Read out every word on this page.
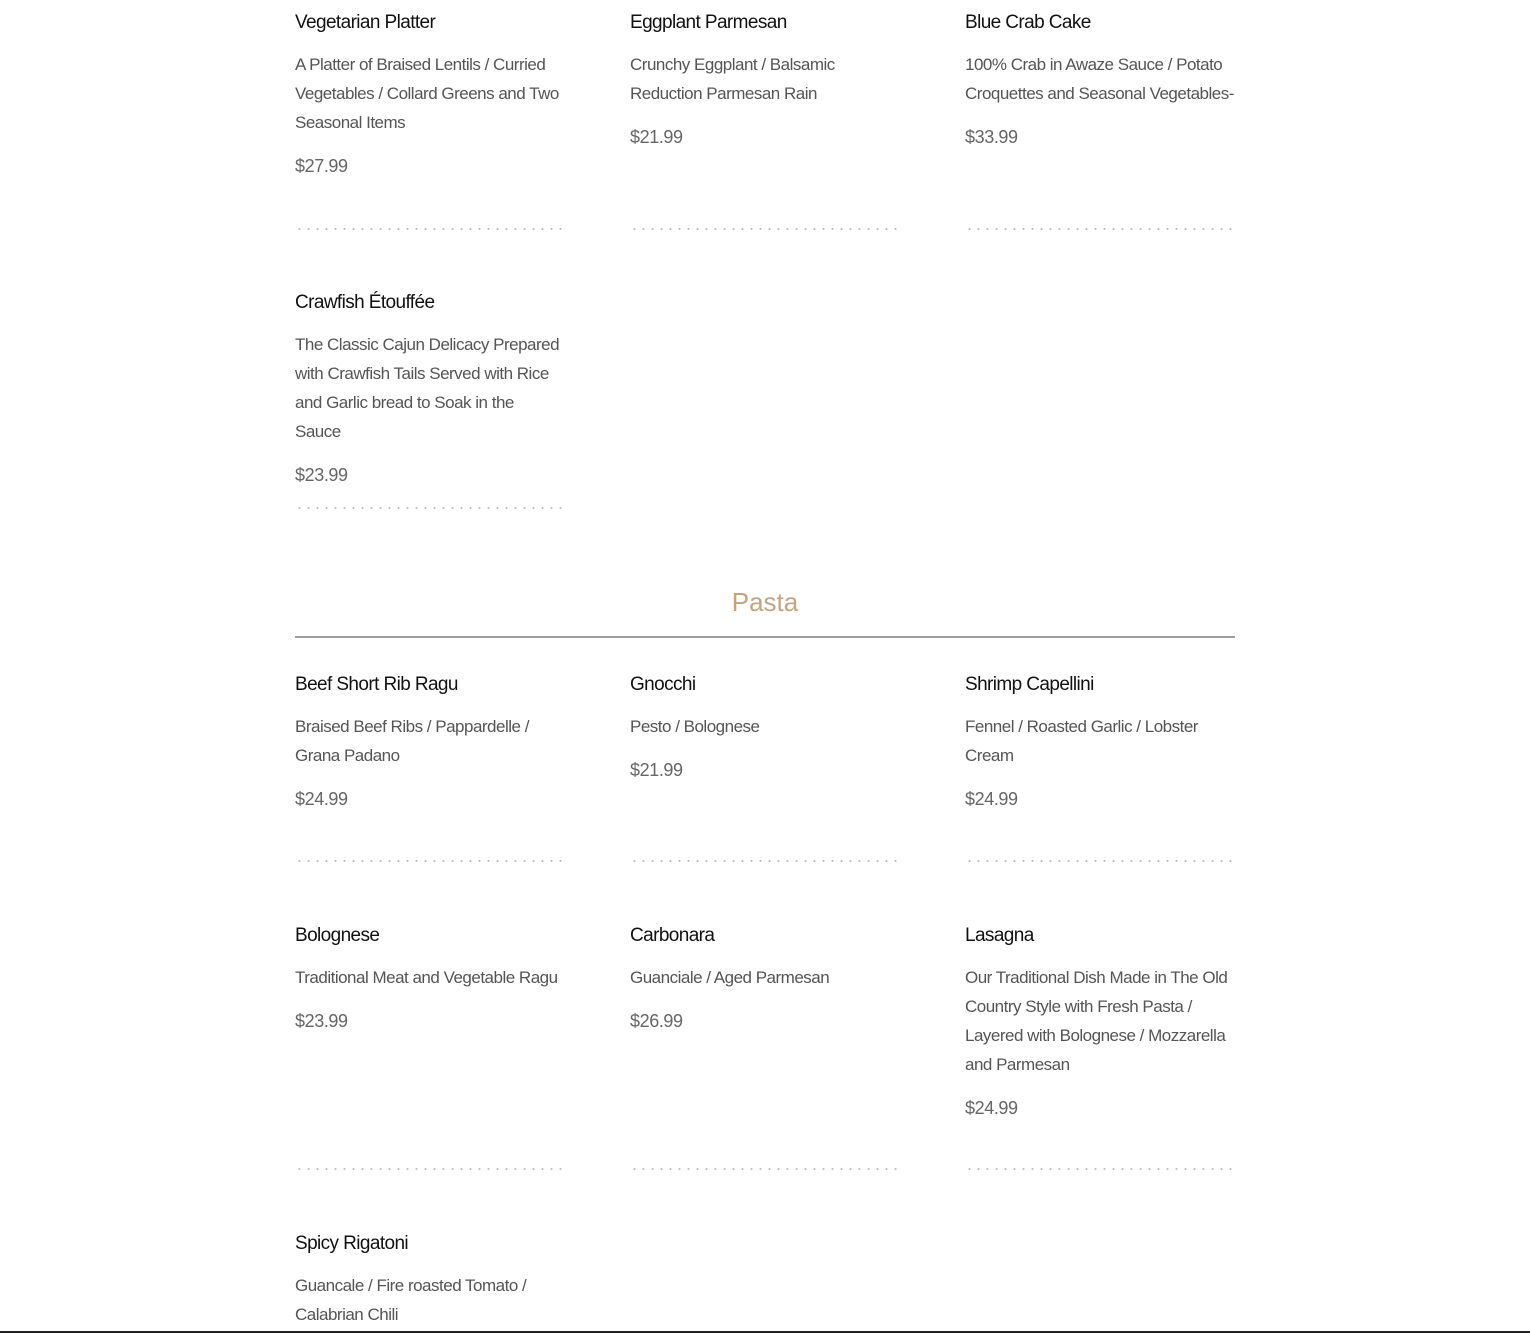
Vegetarian Platter
A Platter of Braised Lentils / Curried Vegetables / Collard Greens and Two Seasonal Items
$27.99
Eggplant Parmesan
Crunchy Eggplant / Balsamic Reduction Parmesan Rain
$21.99
Blue Crab Cake
100% Crab in Awaze Sauce / Potato Croquettes and Seasonal Vegetables-
$33.99
Crawfish Étouffée
The Classic Cajun Delicacy Prepared with Crawfish Tails Served with Rice and Garlic bread to Soak in the Sauce
$23.99
Pasta
Beef Short Rib Ragu
Braised Beef Ribs / Pappardelle / Grana Padano
$24.99
Gnocchi
Pesto / Bolognese
$21.99
Shrimp Capellini
Fennel / Roasted Garlic / Lobster Cream
$24.99
Bolognese
Traditional Meat and Vegetable Ragu
$23.99
Carbonara
Guanciale / Aged Parmesan
$26.99
Lasagna
Our Traditional Dish Made in The Old Country Style with Fresh Pasta / Layered with Bolognese / Mozzarella and Parmesan
$24.99
Spicy Rigatoni
Guancale / Fire roasted Tomato / Calabrian Chili
